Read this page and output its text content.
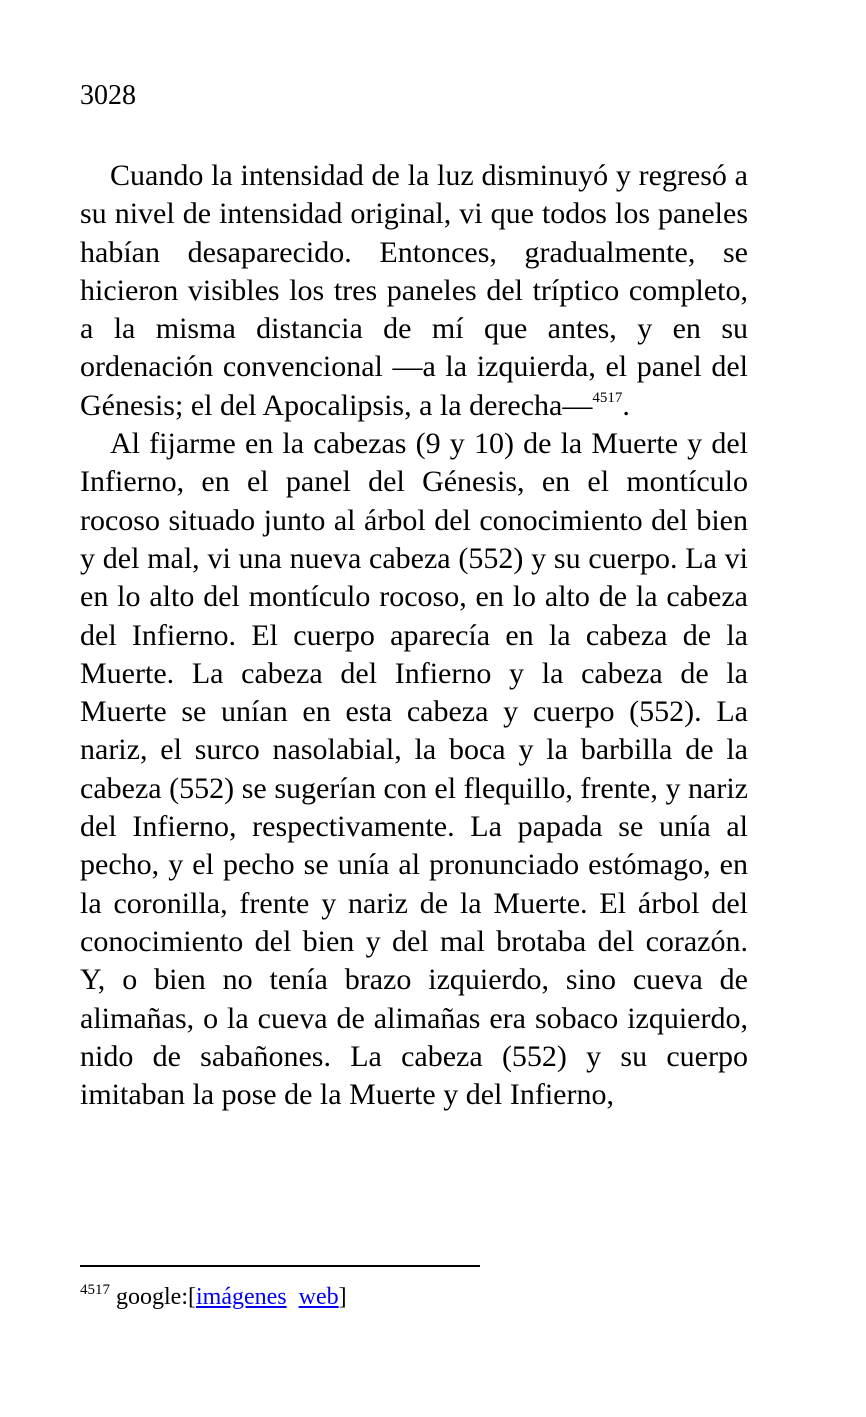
3028

Cuando la intensidad de la luz disminuyó y regresó a su nivel de intensidad original, vi que todos los paneles habían desaparecido. Entonces, gradualmente, se hicieron visibles los tres paneles del tríptico completo, a la misma distancia de mí que antes, y en su ordenación convencional ―a la izquierda, el panel del Génesis; el del Apocalipsis, a la derecha―$^{4517}$.

Al fijarme en la cabezas (9 y 10) de la Muerte y del Infierno, en el panel del Génesis, en el montículo rocoso situado junto al árbol del conocimiento del bien y del mal, vi una nueva cabeza (552) y su cuerpo. La vi en lo alto del montículo rocoso, en lo alto de la cabeza del Infierno. El cuerpo aparecía en la cabeza de la Muerte. La cabeza del Infierno y la cabeza de la Muerte se unían en esta cabeza y cuerpo (552). La nariz, el surco nasolabial, la boca y la barbilla de la cabeza (552) se sugerían con el flequillo, frente, y nariz del Infierno, respectivamente. La papada se unía al pecho, y el pecho se unía al pronunciado estómago, en la coronilla, frente y nariz de la Muerte. El árbol del conocimiento del bien y del mal brotaba del corazón. Y, o bien no tenía brazo izquierdo, sino cueva de alimañas, o la cueva de alimañas era sobaco izquierdo, nido de sabañones. La cabeza (552) y su cuerpo imitaban la pose de la Muerte y del Infierno,

$^{4517}$ google:[imágenes web]
